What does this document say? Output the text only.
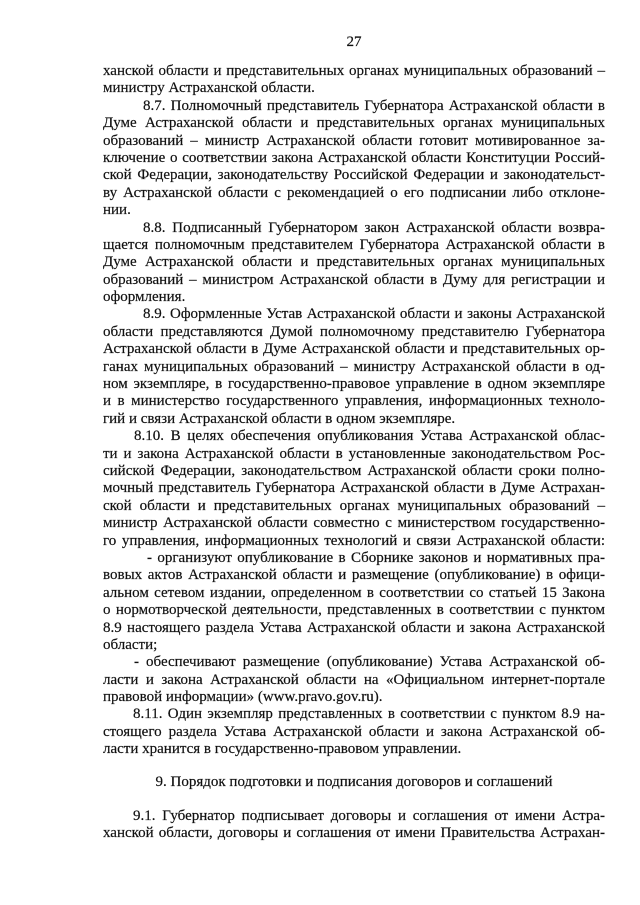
27
ханской области и представительных органах муниципальных образований –
министру Астраханской области.
8.7. Полномочный представитель Губернатора Астраханской области в
Думе Астраханской области и представительных органах муниципальных
образований – министр Астраханской области готовит мотивированное за-
ключение о соответствии закона Астраханской области Конституции Россий-
ской Федерации, законодательству Российской Федерации и законодательст-
ву Астраханской области с рекомендацией о его подписании либо отклоне-
нии.
8.8. Подписанный Губернатором закон Астраханской области возвра-
щается полномочным представителем Губернатора Астраханской области в
Думе Астраханской области и представительных органах муниципальных
образований – министром Астраханской области в Думу для регистрации и
оформления.
8.9. Оформленные Устав Астраханской области и законы Астраханской
области представляются Думой полномочному представителю Губернатора
Астраханской области в Думе Астраханской области и представительных ор-
ганах муниципальных образований – министру Астраханской области в од-
ном экземпляре, в государственно-правовое управление в одном экземпляре
и в министерство государственного управления, информационных техноло-
гий и связи Астраханской области в одном экземпляре.
8.10. В целях обеспечения опубликования Устава Астраханской облас-
ти и закона Астраханской области в установленные законодательством Рос-
сийской Федерации, законодательством Астраханской области сроки полно-
мочный представитель Губернатора Астраханской области в Думе Астрахан-
ской области и представительных органах муниципальных образований –
министр Астраханской области совместно с министерством государственно-
го управления, информационных технологий и связи Астраханской области:
- организуют опубликование в Сборнике законов и нормативных пра-
вовых актов Астраханской области и размещение (опубликование) в офици-
альном сетевом издании, определенном в соответствии со статьей 15 Закона
о нормотворческой деятельности, представленных в соответствии с пунктом
8.9 настоящего раздела Устава Астраханской области и закона Астраханской
области;
- обеспечивают размещение (опубликование) Устава Астраханской об-
ласти и закона Астраханской области на «Официальном интернет-портале
правовой информации» (www.pravo.gov.ru).
8.11. Один экземпляр представленных в соответствии с пунктом 8.9 на-
стоящего раздела Устава Астраханской области и закона Астраханской об-
ласти хранится в государственно-правовом управлении.
9. Порядок подготовки и подписания договоров и соглашений
9.1. Губернатор подписывает договоры и соглашения от имени Астра-
ханской области, договоры и соглашения от имени Правительства Астрахан-
